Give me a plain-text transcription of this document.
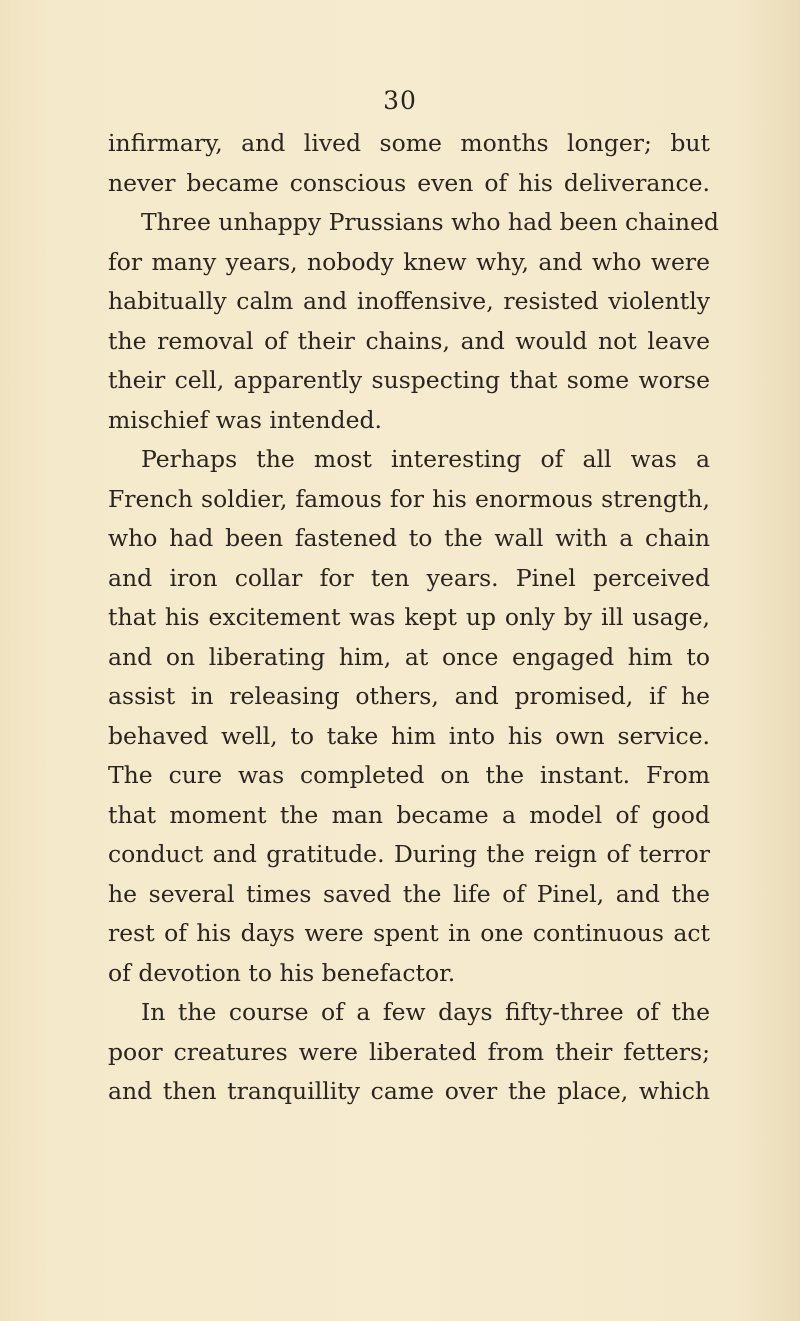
30
infirmary, and lived some months longer; but
never became conscious even of his deliverance.
Three unhappy Prussians who had been chained
for many years, nobody knew why, and who were
habitually calm and inoffensive, resisted violently
the removal of their chains, and would not leave
their cell, apparently suspecting that some worse
mischief was intended.
Perhaps the most interesting of all was a
French soldier, famous for his enormous strength,
who had been fastened to the wall with a chain
and iron collar for ten years. Pinel perceived
that his excitement was kept up only by ill usage,
and on liberating him, at once engaged him to
assist in releasing others, and promised, if he
behaved well, to take him into his own service.
The cure was completed on the instant. From
that moment the man became a model of good
conduct and gratitude. During the reign of terror
he several times saved the life of Pinel, and the
rest of his days were spent in one continuous act
of devotion to his benefactor.
In the course of a few days fifty-three of the
poor creatures were liberated from their fetters;
and then tranquillity came over the place, which
